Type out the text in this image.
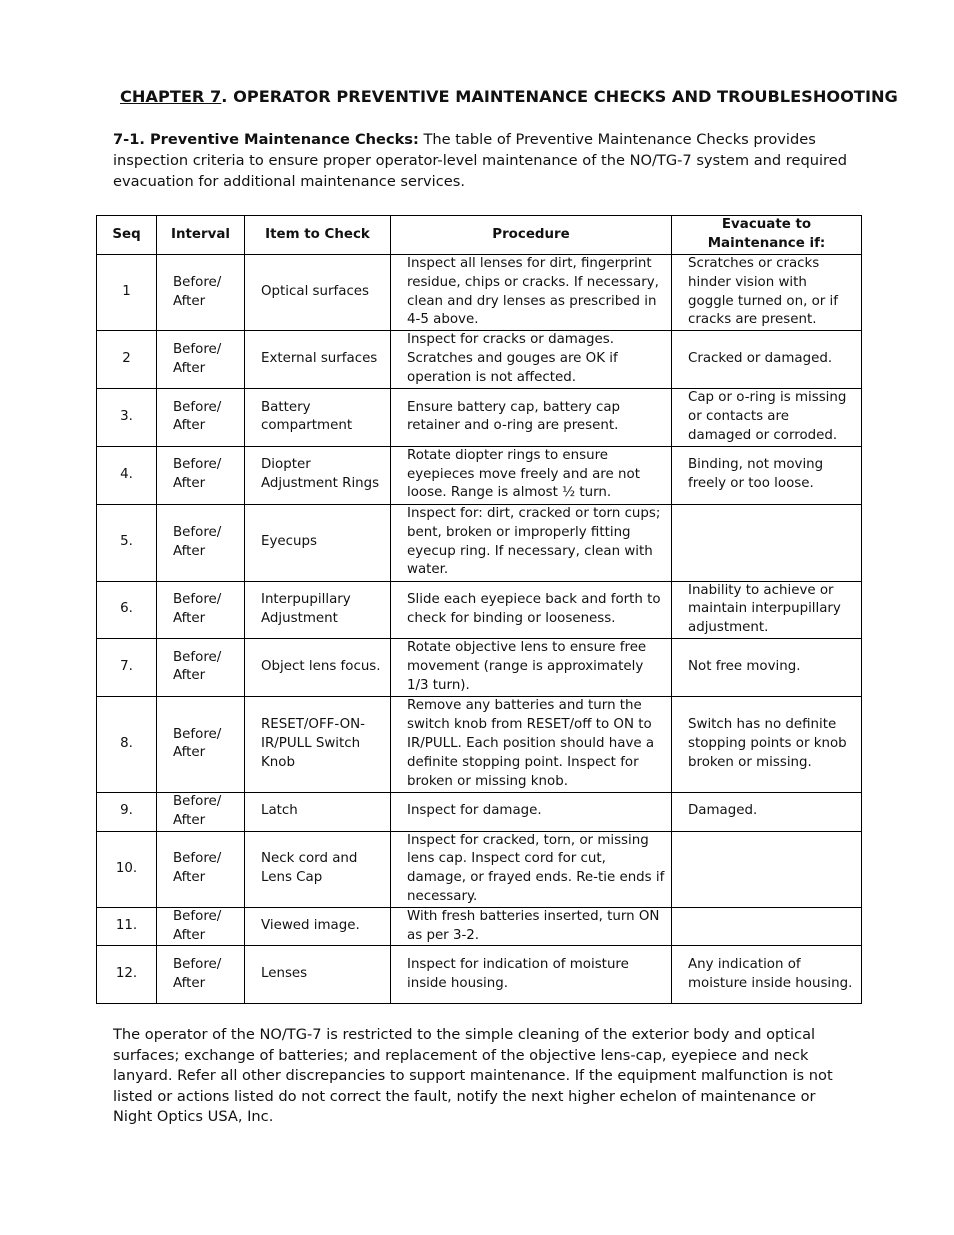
CHAPTER 7. OPERATOR PREVENTIVE MAINTENANCE CHECKS AND TROUBLESHOOTING
7-1. Preventive Maintenance Checks: The table of Preventive Maintenance Checks provides inspection criteria to ensure proper operator-level maintenance of the NO/TG-7 system and required evacuation for additional maintenance services.
Seq	Interval	Item to Check	Procedure	Evacuate to Maintenance if:
1	Before/ After	Optical surfaces	Inspect all lenses for dirt, fingerprint residue, chips or cracks. If necessary, clean and dry lenses as prescribed in 4-5 above.	Scratches or cracks hinder vision with goggle turned on, or if cracks are present.
2	Before/ After	External surfaces	Inspect for cracks or damages. Scratches and gouges are OK if operation is not affected.	Cracked or damaged.
3.	Before/ After	Battery compartment	Ensure battery cap, battery cap retainer and o-ring are present.	Cap or o-ring is missing or contacts are damaged or corroded.
4.	Before/ After	Diopter Adjustment Rings	Rotate diopter rings to ensure eyepieces move freely and are not loose. Range is almost ½ turn.	Binding, not moving freely or too loose.
5.	Before/ After	Eyecups	Inspect for: dirt, cracked or torn cups; bent, broken or improperly fitting eyecup ring. If necessary, clean with water.	
6.	Before/ After	Interpupillary Adjustment	Slide each eyepiece back and forth to check for binding or looseness.	Inability to achieve or maintain interpupillary adjustment.
7.	Before/ After	Object lens focus.	Rotate objective lens to ensure free movement (range is approximately 1/3 turn).	Not free moving.
8.	Before/ After	RESET/OFF-ON-IR/PULL Switch Knob	Remove any batteries and turn the switch knob from RESET/off to ON to IR/PULL. Each position should have a definite stopping point. Inspect for broken or missing knob.	Switch has no definite stopping points or knob broken or missing.
9.	Before/ After	Latch	Inspect for damage.	Damaged.
10.	Before/ After	Neck cord and Lens Cap	Inspect for cracked, torn, or missing lens cap. Inspect cord for cut, damage, or frayed ends. Re-tie ends if necessary.	
11.	Before/ After	Viewed image.	With fresh batteries inserted, turn ON as per 3-2.	
12.	Before/ After	Lenses	Inspect for indication of moisture inside housing.	Any indication of moisture inside housing.
The operator of the NO/TG-7 is restricted to the simple cleaning of the exterior body and optical surfaces; exchange of batteries; and replacement of the objective lens-cap, eyepiece and neck lanyard. Refer all other discrepancies to support maintenance. If the equipment malfunction is not listed or actions listed do not correct the fault, notify the next higher echelon of maintenance or Night Optics USA, Inc.
